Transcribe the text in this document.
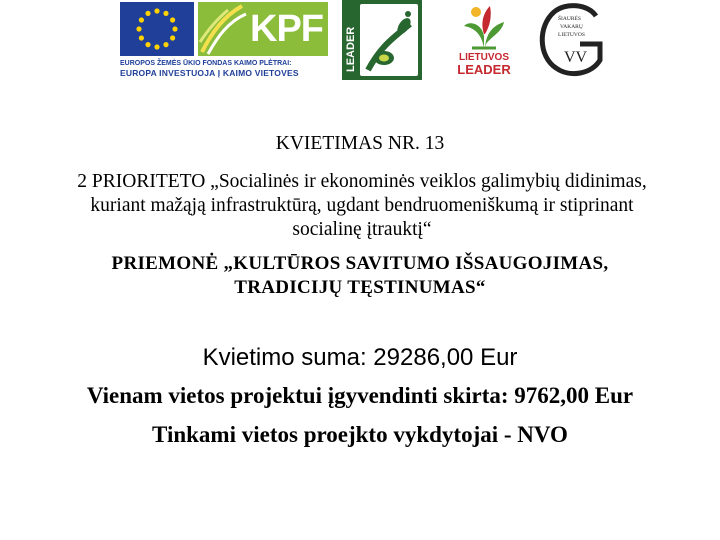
KPF
EUROPOS ŽEMĖS ŪKIO FONDAS KAIMO PLĖTRAI:
EUROPA INVESTUOJA Į KAIMO VIETOVES
LEADER	LIETUVOS
LEADER
ŠIAURĖS
VAKARŲ
LIETUVOS
VV
KVIETIMAS NR. 13
2 PRIORITETO „Socialinės ir ekonominės veiklos galimybių didinimas,
kuriant mažąją infrastruktūrą, ugdant bendruomeniškumą ir stiprinant
socialinę įtrauktį“
PRIEMONĖ „KULTŪROS SAVITUMO IŠSAUGOJIMAS,
TRADICIJŲ TĘSTINUMAS“
Kvietimo suma: 29286,00 Eur
Vienam vietos projektui įgyvendinti skirta: 9762,00 Eur
Tinkami vietos proejkto vykdytojai - NVO
